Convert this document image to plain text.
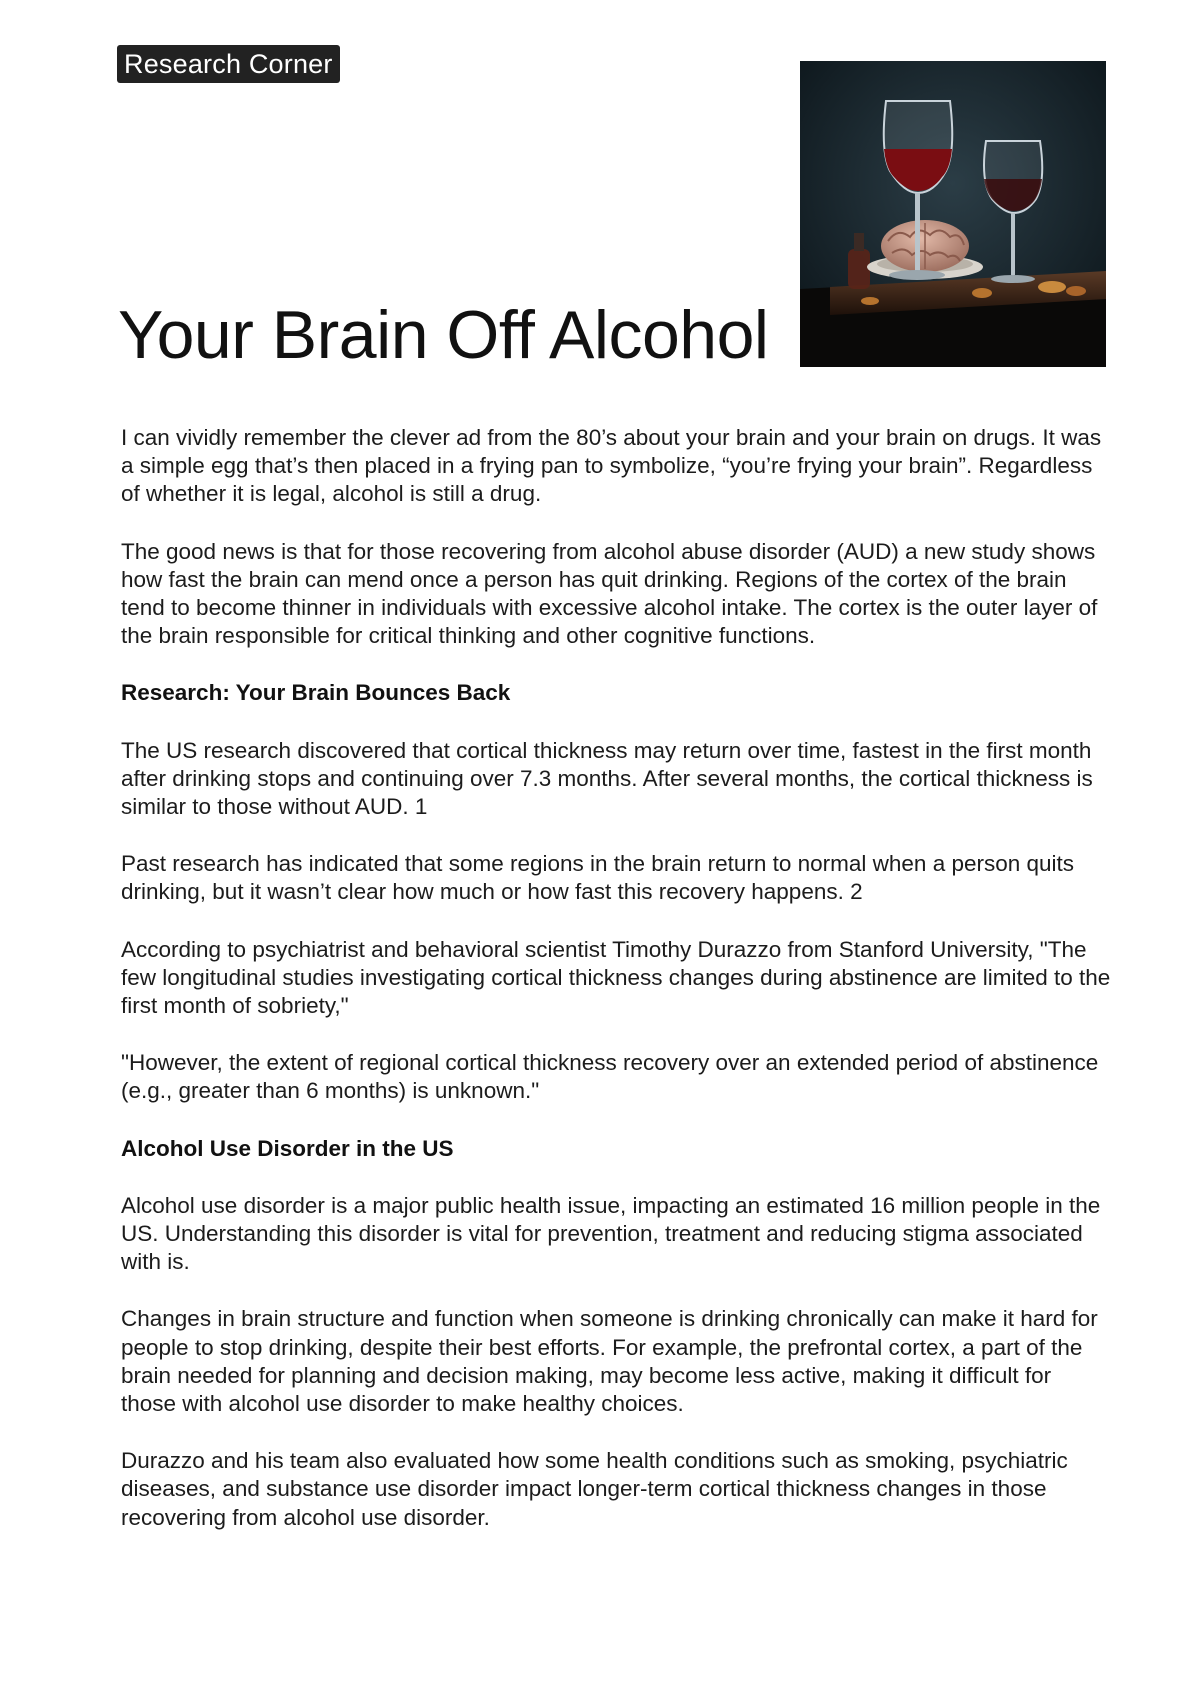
Research Corner
Your Brain Off Alcohol

I can vividly remember the clever ad from the 80’s about your brain and your brain on drugs. It was a simple egg that’s then placed in a frying pan to symbolize, “you’re frying your brain”. Regardless of whether it is legal, alcohol is still a drug.

The good news is that for those recovering from alcohol abuse disorder (AUD) a new study shows how fast the brain can mend once a person has quit drinking. Regions of the cortex of the brain tend to become thinner in individuals with excessive alcohol intake. The cortex is the outer layer of the brain responsible for critical thinking and other cognitive functions.

Research: Your Brain Bounces Back

The US research discovered that cortical thickness may return over time, fastest in the first month after drinking stops and continuing over 7.3 months. After several months, the cortical thickness is similar to those without AUD. 1

Past research has indicated that some regions in the brain return to normal when a person quits drinking, but it wasn’t clear how much or how fast this recovery happens. 2

According to psychiatrist and behavioral scientist Timothy Durazzo from Stanford University, "The few longitudinal studies investigating cortical thickness changes during abstinence are limited to the first month of sobriety,"

"However, the extent of regional cortical thickness recovery over an extended period of abstinence (e.g., greater than 6 months) is unknown."

Alcohol Use Disorder in the US

Alcohol use disorder is a major public health issue, impacting an estimated 16 million people in the US. Understanding this disorder is vital for prevention, treatment and reducing stigma associated with is.

Changes in brain structure and function when someone is drinking chronically can make it hard for people to stop drinking, despite their best efforts. For example, the prefrontal cortex, a part of the brain needed for planning and decision making, may become less active, making it difficult for those with alcohol use disorder to make healthy choices.

Durazzo and his team also evaluated how some health conditions such as smoking, psychiatric diseases, and substance use disorder impact longer-term cortical thickness changes in those recovering from alcohol use disorder.
